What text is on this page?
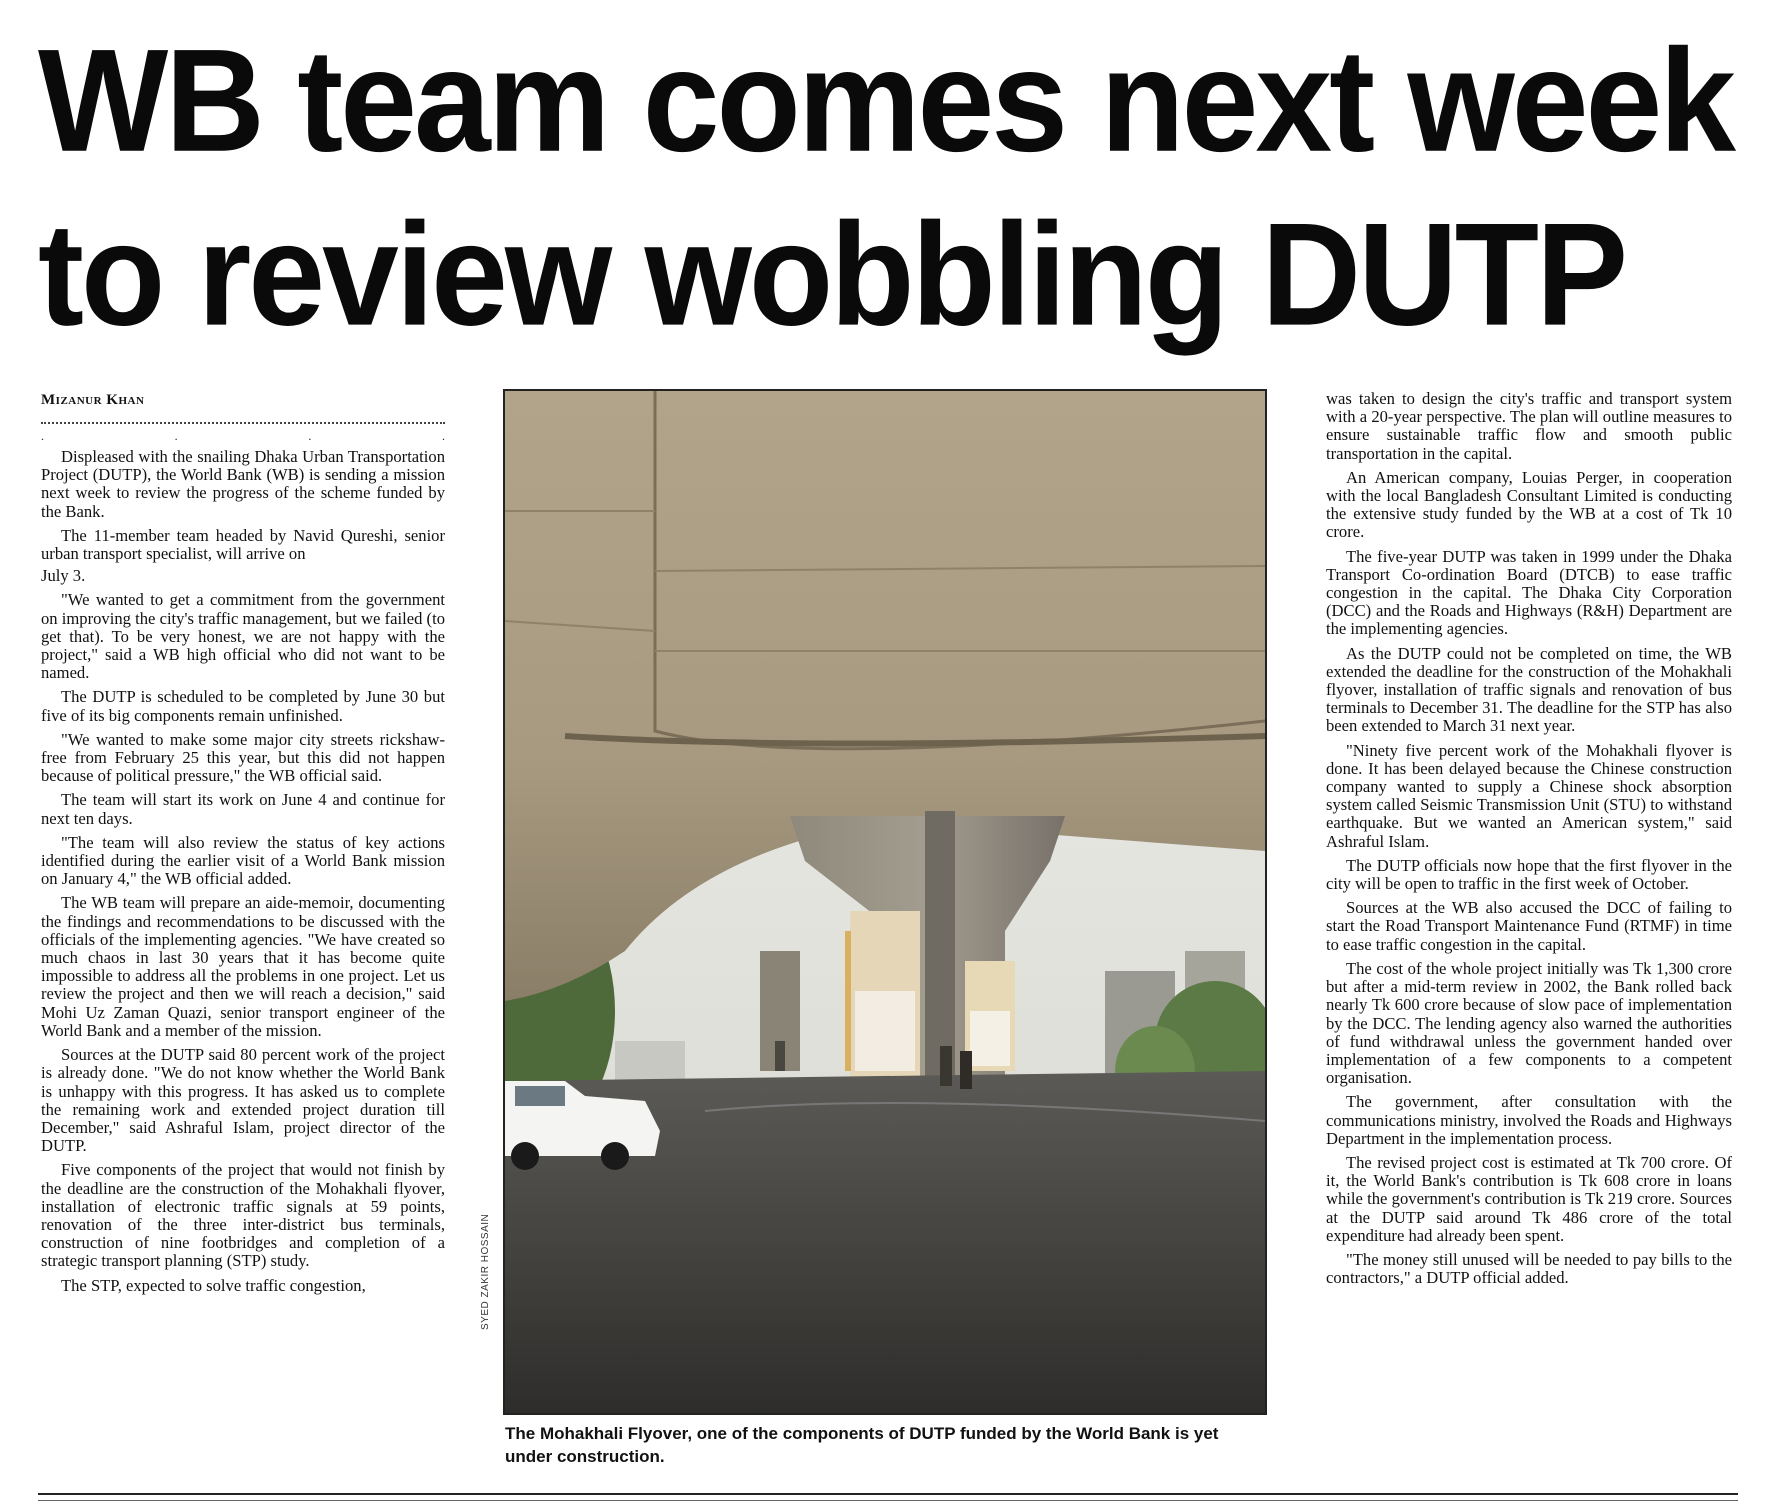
WB team comes next week
to review wobbling DUTP
Mizanur Khan
.	.	.	.

Displeased with the snailing Dhaka Urban Transportation Project (DUTP), the World Bank (WB) is sending a mission next week to review the progress of the scheme funded by the Bank.

The 11-member team headed by Navid Qureshi, senior urban transport specialist, will arrive on

July 3.

"We wanted to get a commitment from the government on improving the city's traffic management, but we failed (to get that). To be very honest, we are not happy with the project," said a WB high official who did not want to be named.

The DUTP is scheduled to be completed by June 30 but five of its big components remain unfinished.

"We wanted to make some major city streets rickshaw-free from February 25 this year, but this did not happen because of political pressure," the WB official said.

The team will start its work on June 4 and continue for next ten days.

"The team will also review the status of key actions identified during the earlier visit of a World Bank mission on January 4," the WB official added.

The WB team will prepare an aide-memoir, documenting the findings and recommendations to be discussed with the officials of the implementing agencies. "We have created so much chaos in last 30 years that it has become quite impossible to address all the problems in one project. Let us review the project and then we will reach a decision," said Mohi Uz Zaman Quazi, senior transport engineer of the World Bank and a member of the mission.

Sources at the DUTP said 80 percent work of the project is already done. "We do not know whether the World Bank is unhappy with this progress. It has asked us to complete the remaining work and extended project duration till December," said Ashraful Islam, project director of the DUTP.

Five components of the project that would not finish by the deadline are the construction of the Mohakhali flyover, installation of electronic traffic signals at 59 points, renovation of the three inter-district bus terminals, construction of nine footbridges and completion of a strategic transport planning (STP) study.

The STP, expected to solve traffic congestion,	SYED ZAKIR HOSSAIN
The Mohakhali Flyover, one of the components of DUTP funded by the World Bank is yet under construction.

was taken to design the city's traffic and transport system with a 20-year perspective. The plan will outline measures to ensure sustainable traffic flow and smooth public transportation in the capital.

An American company, Louias Perger, in cooperation with the local Bangladesh Consultant Limited is conducting the extensive study funded by the WB at a cost of Tk 10 crore.

The five-year DUTP was taken in 1999 under the Dhaka Transport Co-ordination Board (DTCB) to ease traffic congestion in the capital. The Dhaka City Corporation (DCC) and the Roads and Highways (R&H) Department are the implementing agencies.

As the DUTP could not be completed on time, the WB extended the deadline for the construction of the Mohakhali flyover, installation of traffic signals and renovation of bus terminals to December 31. The deadline for the STP has also been extended to March 31 next year.

"Ninety five percent work of the Mohakhali flyover is done. It has been delayed because the Chinese construction company wanted to supply a Chinese shock absorption system called Seismic Transmission Unit (STU) to withstand earthquake. But we wanted an American system," said Ashraful Islam.

The DUTP officials now hope that the first flyover in the city will be open to traffic in the first week of October.

Sources at the WB also accused the DCC of failing to start the Road Transport Maintenance Fund (RTMF) in time to ease traffic congestion in the capital.

The cost of the whole project initially was Tk 1,300 crore but after a mid-term review in 2002, the Bank rolled back nearly Tk 600 crore because of slow pace of implementation by the DCC. The lending agency also warned the authorities of fund withdrawal unless the government handed over implementation of a few components to a competent organisation.

The government, after consultation with the communications ministry, involved the Roads and Highways Department in the implementation process.

The revised project cost is estimated at Tk 700 crore. Of it, the World Bank's contribution is Tk 608 crore in loans while the government's contribution is Tk 219 crore. Sources at the DUTP said around Tk 486 crore of the total expenditure had already been spent.

"The money still unused will be needed to pay bills to the contractors," a DUTP official added.
